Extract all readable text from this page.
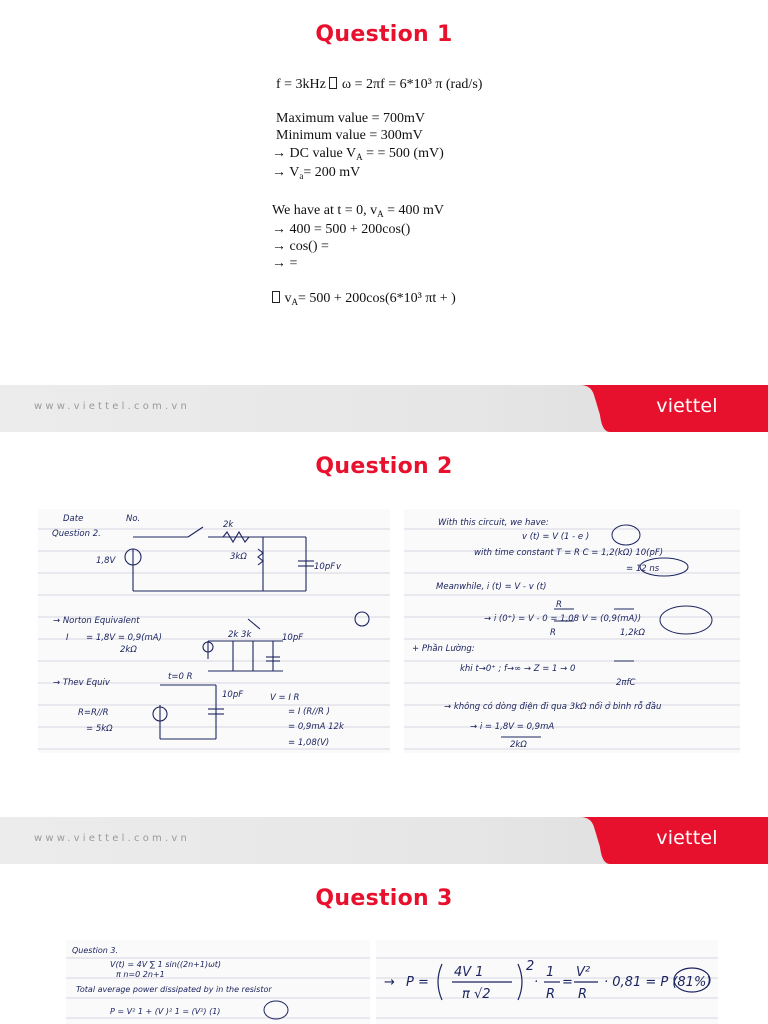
Question 1
f = 3kHz  ω = 2πf = 6*10³ π (rad/s)
Maximum value = 700mV
Minimum value = 300mV
→ DC value $V_A$ = = 500 (mV)
→ $V_a= 200$ mV
We have at t = 0, $v_A = 400$ mV
→ 400 = 500 + 200cos()
→ cos() =
→ =
$v_A= 500 + 200\cos(6*10^3$ πt + )
www.viettel.com.vn	viettel
Question 2
Date	No.
Question 2.
1,8V
2k
3kΩ
10pF v
→ Norton Equivalent
I = 1,8V = 0,9(mA)
2kΩ
2k 3k	10pF
→ Thev Equiv
t=0 R
10pF	V = I R
= I (R//R )
= 0,9mA 12k
= 1,08(V)
R=R//R
= 5kΩ
With this circuit, we have:
v (t) = V (1 - e )
with time constant T = R C = 1,2(kΩ) 10(pF)
= 12 ns
Meanwhile, i (t) = V - v (t)
R
→ i (0⁺) = V - 0 = 1,08 V = (0,9(mA))
R	1,2kΩ
+ Phần Lường:
khi t→0⁺ ; f→∞ → Z = 1 → 0
2πfC
→ không có dòng điện đi qua 3kΩ nối ở bình rỗ đầu
→ i = 1,8V = 0,9mA
2kΩ
www.viettel.com.vn	viettel
Question 3
Question 3.
V(t) = 4V ∑ 1 sin((2n+1)ωt)
π n=0 2n+1
Total average power dissipated by in the resistor
P = V² 1 + (V )² 1 = (V²) (1)
→ P =
4V 1
π √2
2
·
1
R
=
V²
R
· 0,81 = P (81%)
